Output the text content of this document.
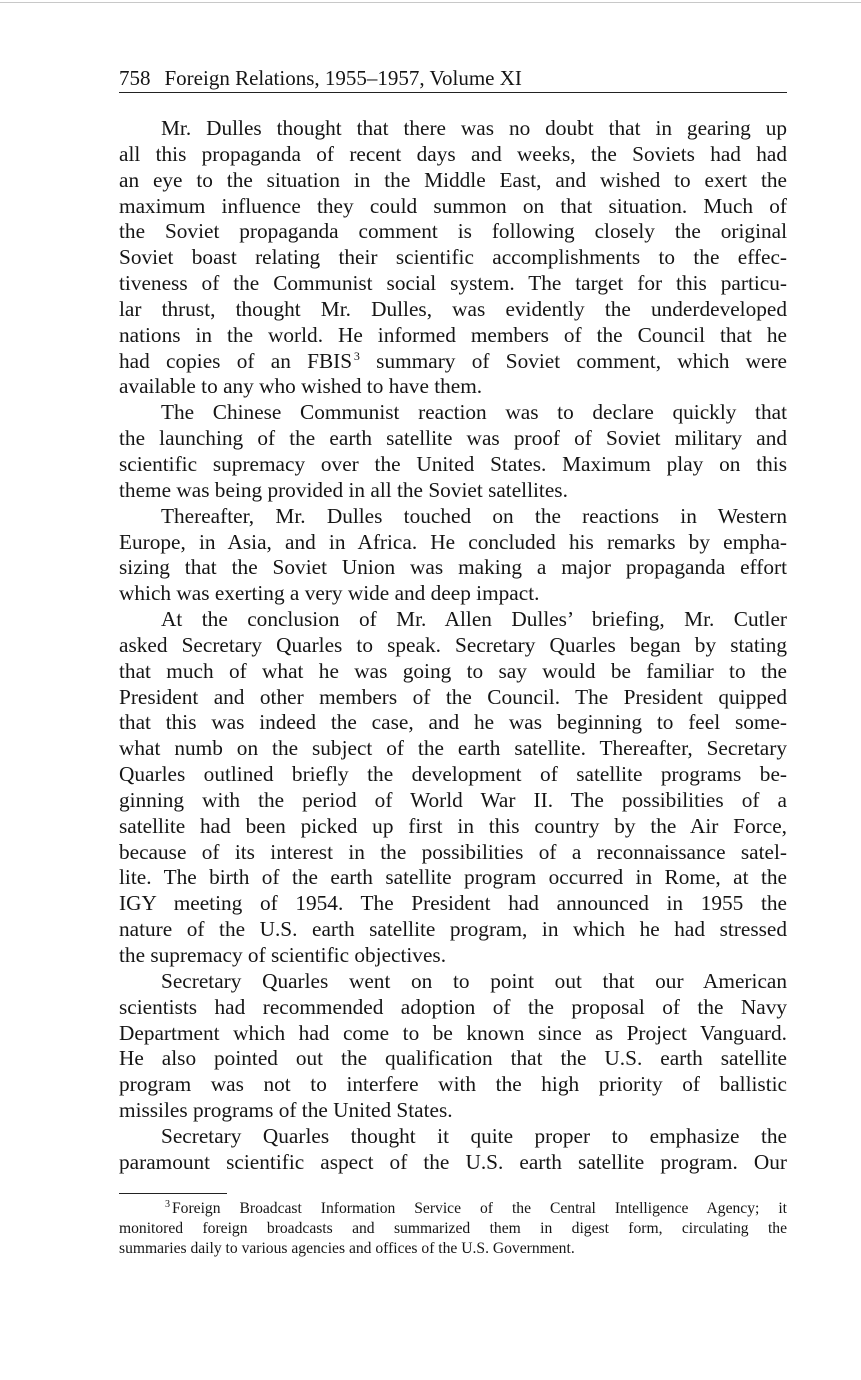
758 Foreign Relations, 1955–1957, Volume XI
Mr. Dulles thought that there was no doubt that in gearing up
all this propaganda of recent days and weeks, the Soviets had had
an eye to the situation in the Middle East, and wished to exert the
maximum influence they could summon on that situation. Much of
the Soviet propaganda comment is following closely the original
Soviet boast relating their scientific accomplishments to the effec-
tiveness of the Communist social system. The target for this particu-
lar thrust, thought Mr. Dulles, was evidently the underdeveloped
nations in the world. He informed members of the Council that he
had copies of an FBIS  $^3$ summary of Soviet comment, which were
available to any who wished to have them.
The Chinese Communist reaction was to declare quickly that
the launching of the earth satellite was proof of Soviet military and
scientific supremacy over the United States. Maximum play on this
theme was being provided in all the Soviet satellites.
Thereafter, Mr. Dulles touched on the reactions in Western
Europe, in Asia, and in Africa. He concluded his remarks by empha-
sizing that the Soviet Union was making a major propaganda effort
which was exerting a very wide and deep impact.
At the conclusion of Mr. Allen Dulles’ briefing, Mr. Cutler
asked Secretary Quarles to speak. Secretary Quarles began by stating
that much of what he was going to say would be familiar to the
President and other members of the Council. The President quipped
that this was indeed the case, and he was beginning to feel some-
what numb on the subject of the earth satellite. Thereafter, Secretary
Quarles outlined briefly the development of satellite programs be-
ginning with the period of World War II. The possibilities of a
satellite had been picked up first in this country by the Air Force,
because of its interest in the possibilities of a reconnaissance satel-
lite. The birth of the earth satellite program occurred in Rome, at the
IGY meeting of 1954. The President had announced in 1955 the
nature of the U.S. earth satellite program, in which he had stressed
the supremacy of scientific objectives.
Secretary Quarles went on to point out that our American
scientists had recommended adoption of the proposal of the Navy
Department which had come to be known since as Project Vanguard.
He also pointed out the qualification that the U.S. earth satellite
program was not to interfere with the high priority of ballistic
missiles programs of the United States.
Secretary Quarles thought it quite proper to emphasize the
paramount scientific aspect of the U.S. earth satellite program. Our
$^3$ Foreign Broadcast Information Service of the Central Intelligence Agency; it
monitored foreign broadcasts and summarized them in digest form, circulating the
summaries daily to various agencies and offices of the U.S. Government.
